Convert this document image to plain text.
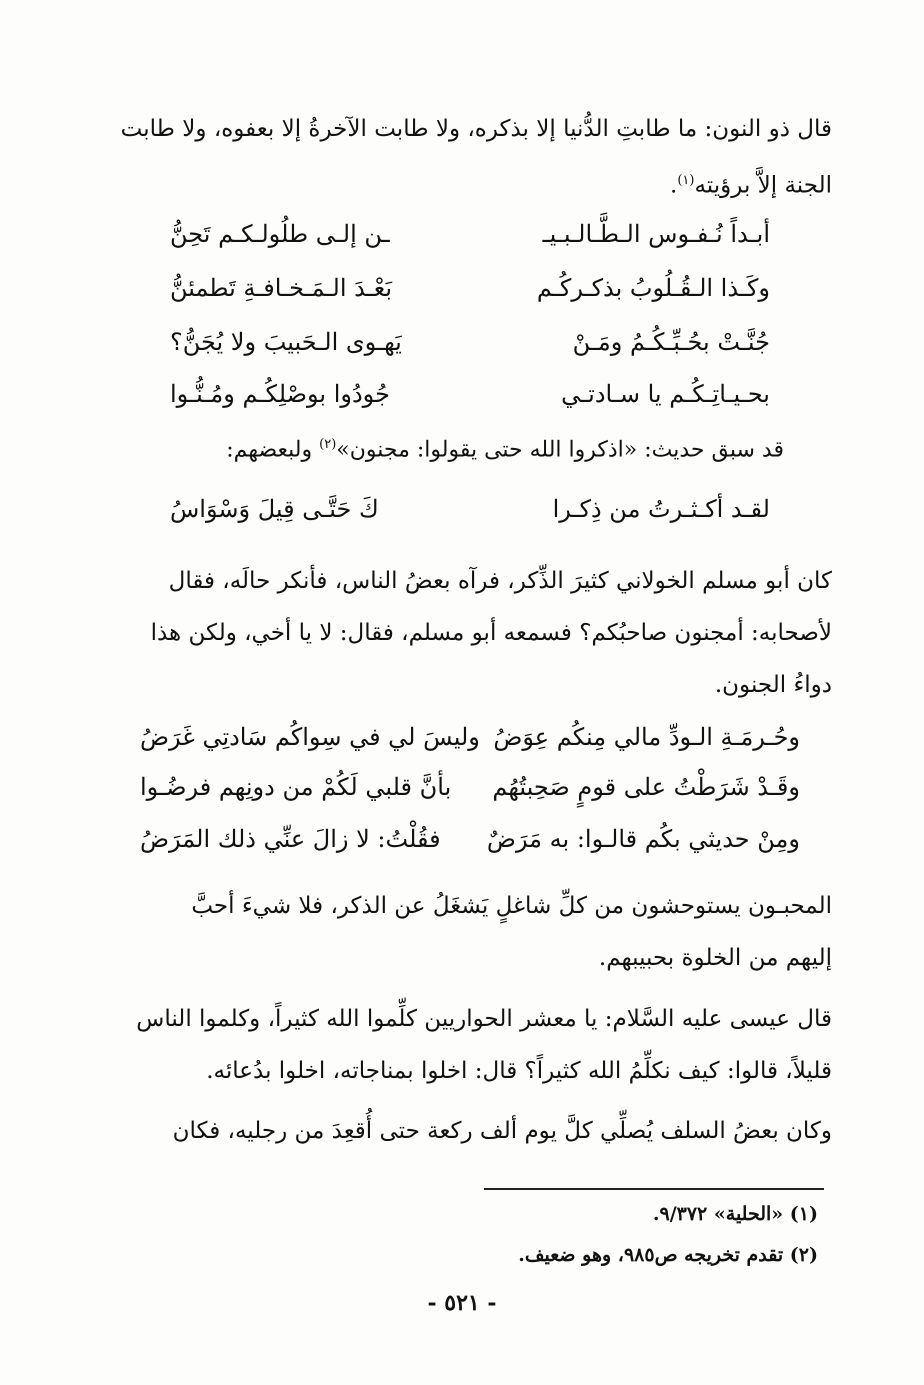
قال ذو النون: ما طابتِ الدُّنيا إلا بذكره، ولا طابت الآخرةُ إلا بعفوه، ولا طابت
الجنة إلاَّ برؤيته$^{(١)}$.
أبـداً نُـفـوس الـطَّـالـبـيـ
ـن إلـى طلُولـكـم تَحِنُّ
وكَـذا الـقُـلُوبُ بذكـركُـم
بَعْـدَ الـمَـخـافـةِ تَطمئنُّ
جُنَّـتْ بحُـبِّـكُـمُ ومَـنْ
يَهـوى الـحَبيبَ ولا يُجَنُّ؟
بحـيـاتِـكُـم يا سـادتـي
جُودُوا بوصْلِكُـم ومُـنُّـوا
قد سبق حديث: «اذكروا الله حتى يقولوا: مجنون»$^{(٢)}$ ولبعضهم:
لقـد أكـثـرتُ من ذِكـرا
كَ حَتَّـى قِيلَ وَسْوَاسُ
كان أبو مسلم الخولاني كثيرَ الذِّكر، فرآه بعضُ الناس، فأنكر حالَه، فقال
لأصحابه: أمجنون صاحبُكم؟ فسمعه أبو مسلم، فقال: لا يا أخي، ولكن هذا
دواءُ الجنون.
وحُـرمَـةِ الـودِّ مالي مِنكُم عِوَضُ
وليسَ لي في سِواكُم سَادتِي غَرَضُ
وقَـدْ شَرَطْتُ على قومٍ صَحِبتُهُم
بأنَّ قلبي لَكُمْ من دونِهم فرضُـوا
ومِنْ حديثي بكُم قالـوا: به مَرَضٌ
فقُلْتُ: لا زالَ عنِّي ذلك المَرَضُ
المحبـون يستوحشون من كلِّ شاغلٍ يَشغَلُ عن الذكر، فلا شيءَ أحبَّ
إليهم من الخلوة بحبيبهم.
قال عيسى عليه السَّلام: يا معشر الحواريين كلِّموا الله كثيراً، وكلموا الناس
قليلاً، قالوا: كيف نكلِّمُ الله كثيراً؟ قال: اخلوا بمناجاته، اخلوا بدُعائه.
وكان بعضُ السلف يُصلِّي كلَّ يوم ألف ركعة حتى أُقعِدَ من رجليه، فكان
(١) «الحلية» ٩/٣٧٢.
(٢) تقدم تخريجه ص٩٨٥، وهو ضعيف.
- ٥٢١ -
